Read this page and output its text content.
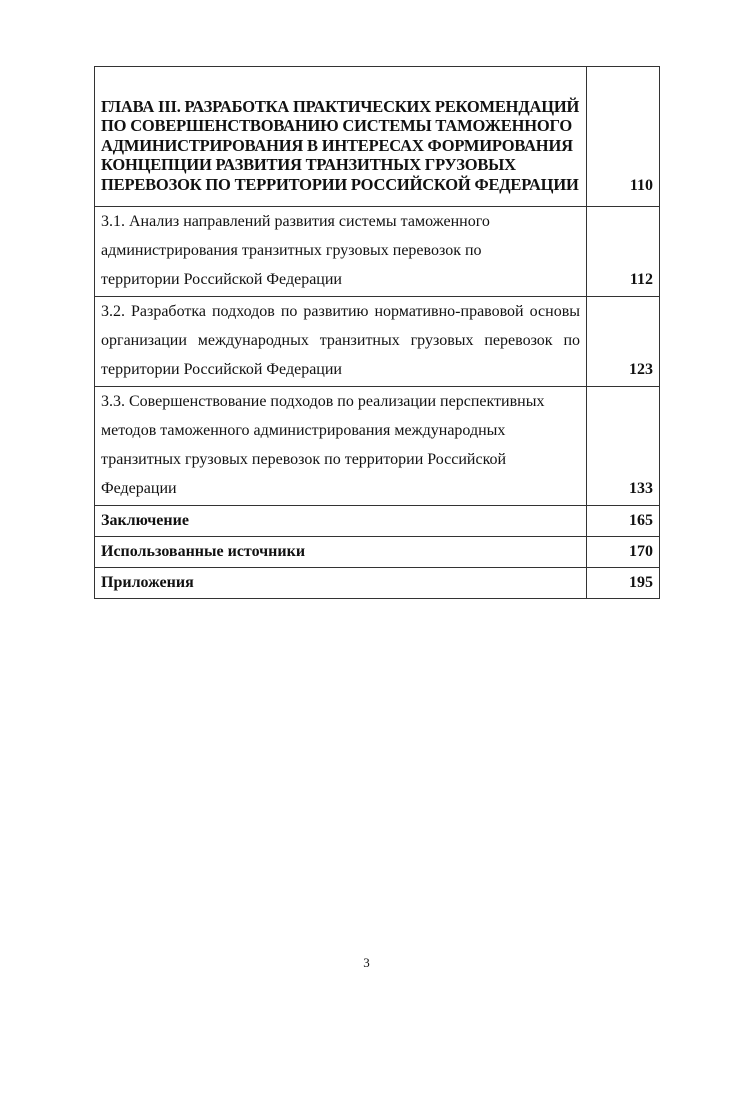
ГЛАВА III. РАЗРАБОТКА ПРАКТИЧЕСКИХ РЕКОМЕНДАЦИЙ ПО СОВЕРШЕНСТВОВАНИЮ СИСТЕМЫ ТАМОЖЕННОГО АДМИНИСТРИРОВАНИЯ В ИНТЕРЕСАХ ФОРМИРОВАНИЯ КОНЦЕПЦИИ РАЗВИТИЯ ТРАНЗИТНЫХ ГРУЗОВЫХ ПЕРЕВОЗОК ПО ТЕРРИТОРИИ РОССИЙСКОЙ ФЕДЕРАЦИИ	110

3.1. Анализ направлений развития системы таможенного администрирования транзитных грузовых перевозок по территории Российской Федерации	112

3.2. Разработка подходов по развитию нормативно-правовой основы организации международных транзитных грузовых перевозок по территории Российской Федерации	123

3.3. Совершенствование подходов по реализации перспективных методов таможенного администрирования международных транзитных грузовых перевозок по территории Российской Федерации	133

Заключение	165

Использованные источники	170

Приложения	195
3
